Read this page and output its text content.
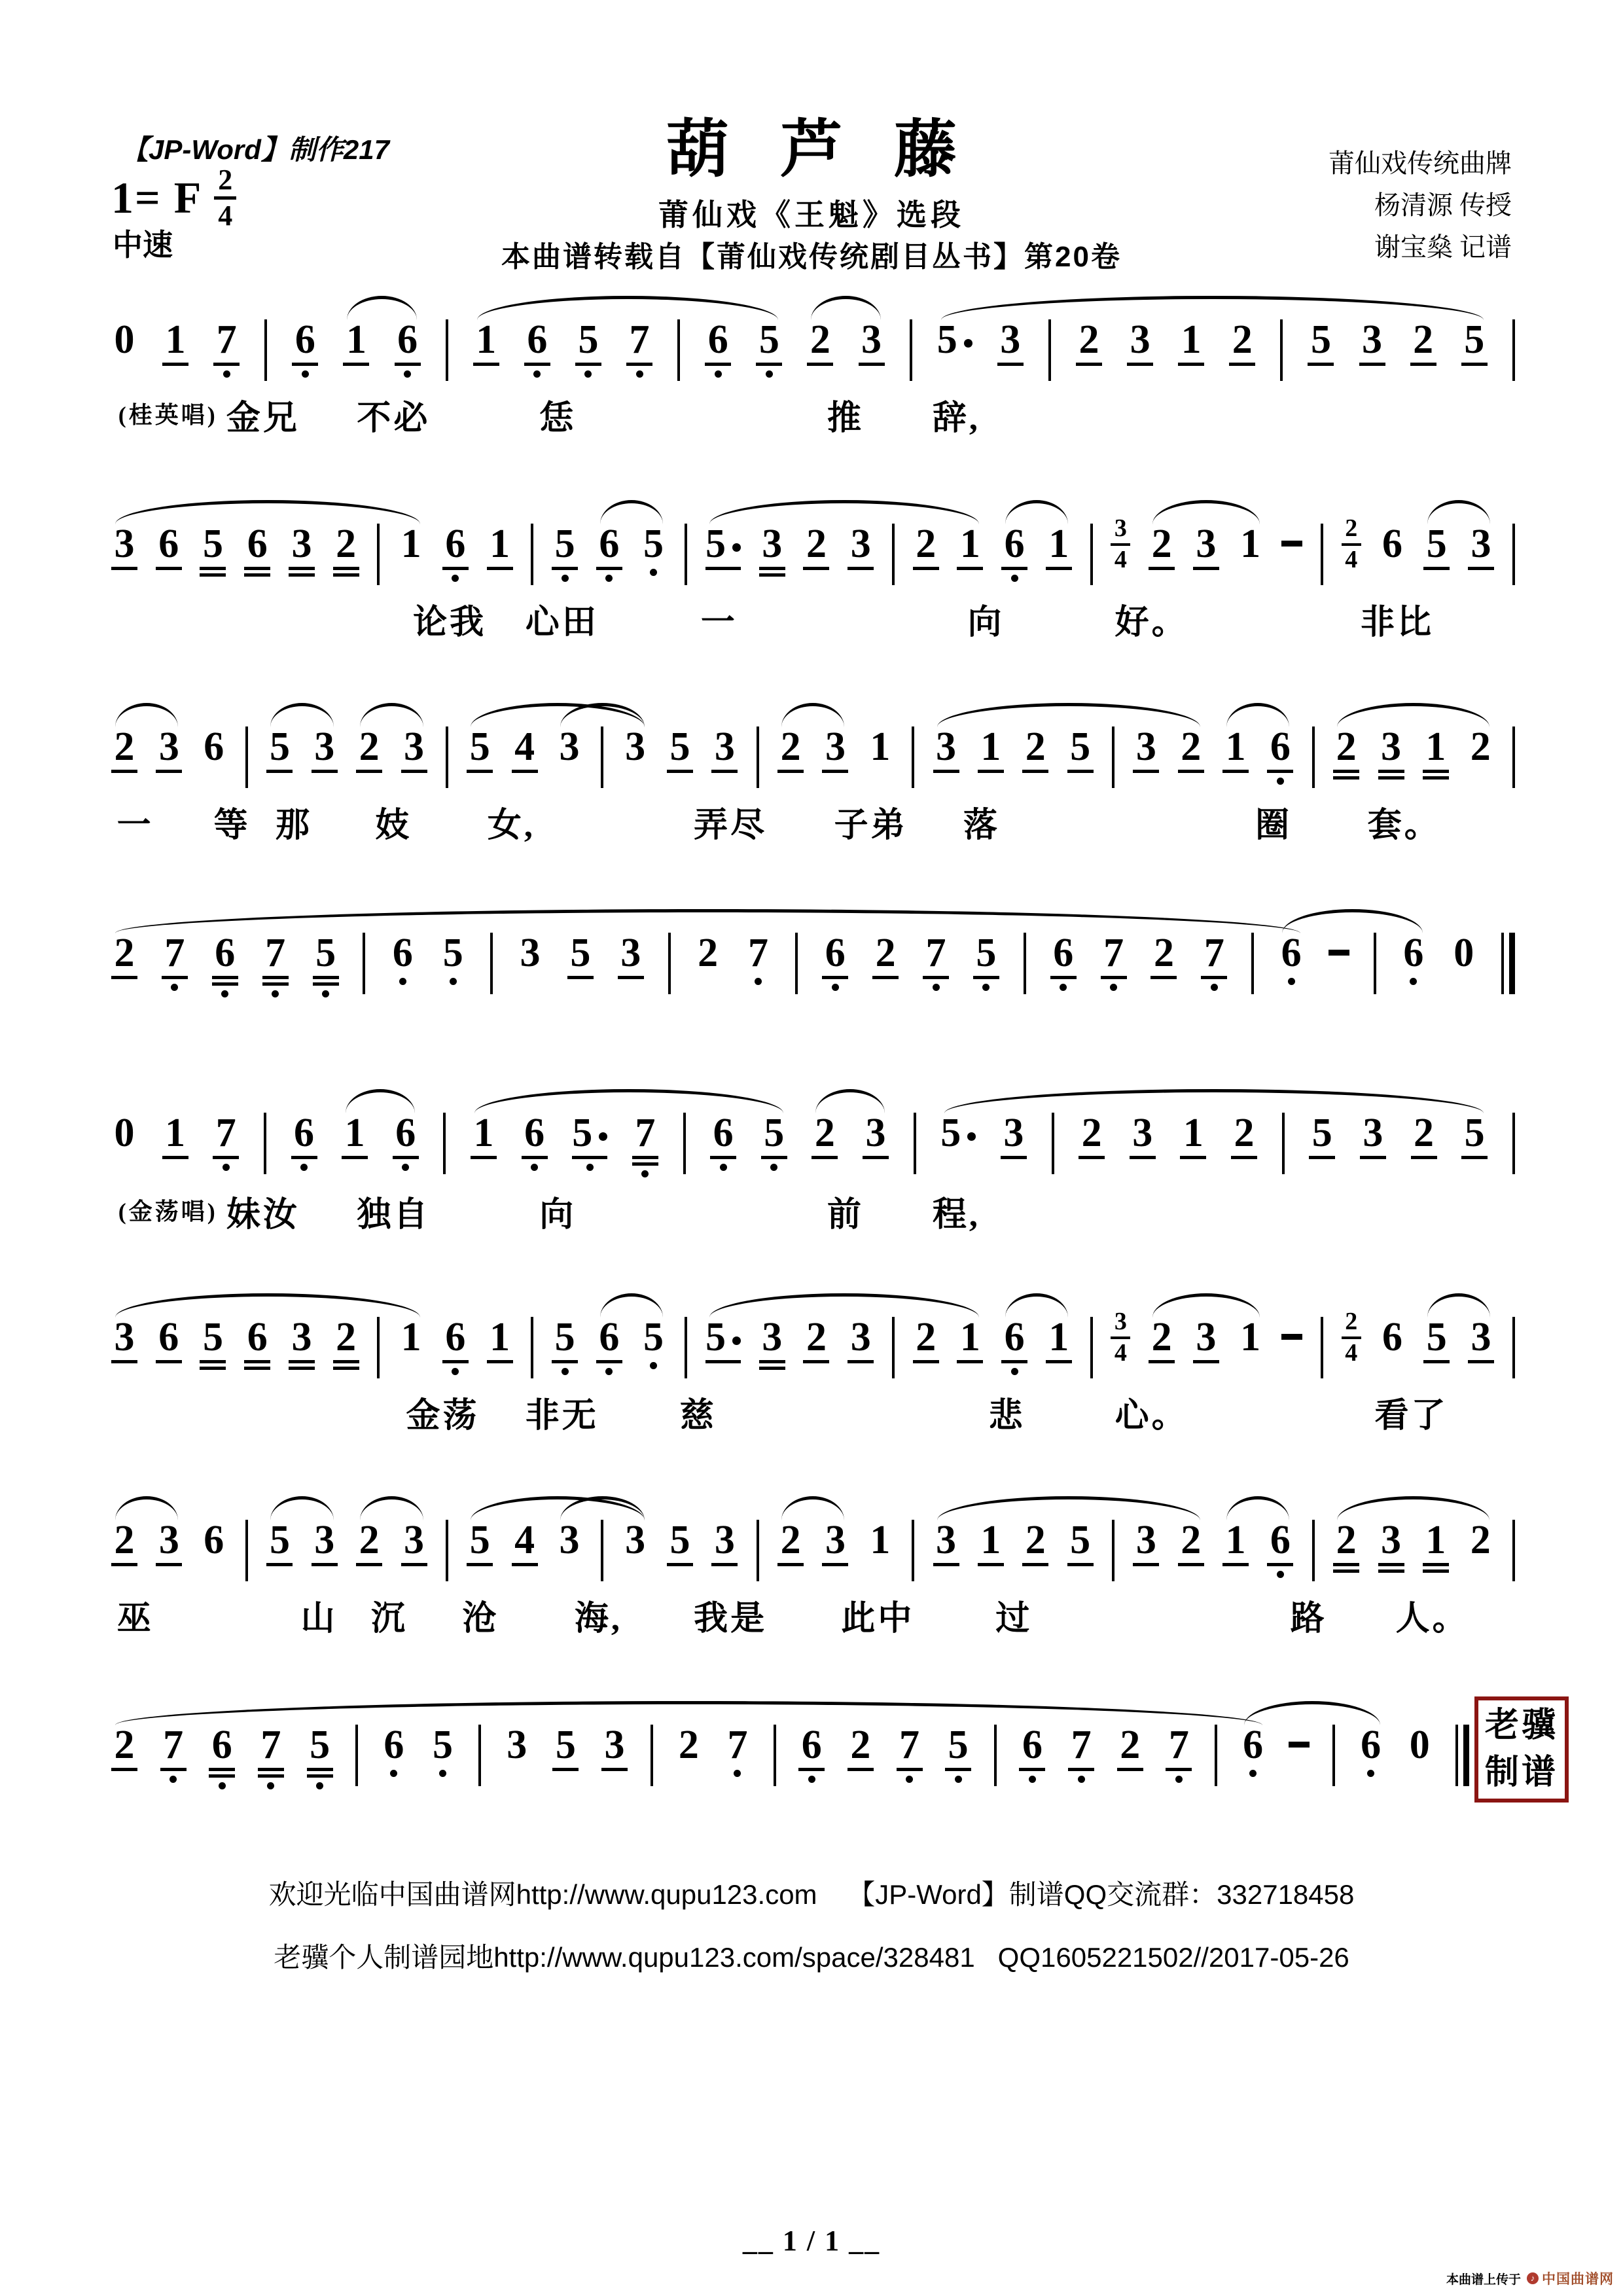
【JP-Word】制作217
1= F 2
4
中速
葫芦藤
莆仙戏《王魁》选段
本曲谱转载自【莆仙戏传统剧目丛书】第20卷
莆仙戏传统曲牌
杨清源 传授
谢宝燊 记谱
0 1 7 6 1 6 1 6 5 7 6 5 2 3 5	3 2 3 1 2 5 3 2 5
(桂英唱) 金兄 不必	恁	推 辞,
3 6 5 6 3 2 1 6 1 5 6 5 5 3 2 3 2 1 6 1 3
4 2 3 1	2
4 6 5 3
论我 心田	一	向	好。	非比
2 3 6 5 3 2 3 5 4 3 3 5 3 2 3 1 3 1 2 5 3 2 1 6 2 3 1 2
一 等 那 妓 女,	弄尽 子弟 落	圈 套。
2 7 6 7 5 6 5 3 5 3 2 7 6 2 7 5 6 7 2 7 6	6 0
0 1 7 6 1 6 1 6 5	7 6 5 2 3 5	3 2 3 1 2 5 3 2 5
(金荡唱) 妹汝 独自	向	前 程,
3 6 5 6 3 2 1 6 1 5 6 5 5 3 2 3 2 1 6 1 3
4 2 3 1	2
4 6 5 3
金荡 非无 慈	悲	心。	看了
2 3 6 5 3 2 3 5 4 3 3 5 3 2 3 1 3 1 2 5 3 2 1 6 2 3 1 2
巫	山 沉 沧 海, 我是 此中 过	路 人。
2 7 6 7 5 6 5 3 5 3 2 7 6 2 7 5 6 7 2 7 6 6 0 老骥
制谱
欢迎光临中国曲谱网http://www.qupu123.com    【JP-Word】制谱QQ交流群：332718458
老骥个人制谱园地http://www.qupu123.com/space/328481   QQ1605221502//2017-05-26
__ 1 / 1 __
本曲谱上传于	♪ 中国曲谱网
